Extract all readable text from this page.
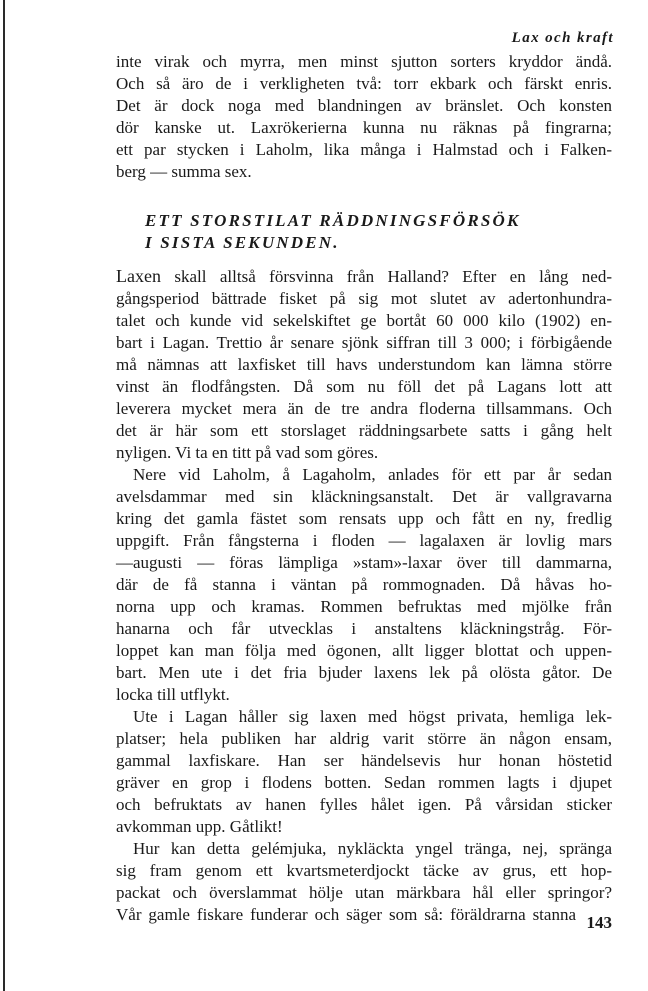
Lax och kraft
inte virak och myrra, men minst sjutton sorters kryddor ändå.
Och så äro de i verkligheten två: torr ekbark och färskt enris.
Det är dock noga med blandningen av bränslet. Och konsten
dör kanske ut. Laxrökerierna kunna nu räknas på fingrarna;
ett par stycken i Laholm, lika många i Halmstad och i Falken-
berg — summa sex.
ETT STORSTILAT RÄDDNINGSFÖRSÖK
I SISTA SEKUNDEN.
Laxen skall alltså försvinna från Halland? Efter en lång ned-
gångsperiod bättrade fisket på sig mot slutet av adertonhundra-
talet och kunde vid sekelskiftet ge bortåt 60 000 kilo (1902) en-
bart i Lagan. Trettio år senare sjönk siffran till 3 000; i förbigående
må nämnas att laxfisket till havs understundom kan lämna större
vinst än flodfångsten. Då som nu föll det på Lagans lott att
leverera mycket mera än de tre andra floderna tillsammans. Och
det är här som ett storslaget räddningsarbete satts i gång helt
nyligen. Vi ta en titt på vad som göres.
Nere vid Laholm, å Lagaholm, anlades för ett par år sedan
avelsdammar med sin kläckningsanstalt. Det är vallgravarna
kring det gamla fästet som rensats upp och fått en ny, fredlig
uppgift. Från fångsterna i floden — lagalaxen är lovlig mars
—augusti — föras lämpliga »stam»-laxar över till dammarna,
där de få stanna i väntan på rommognaden. Då håvas ho-
norna upp och kramas. Rommen befruktas med mjölke från
hanarna och får utvecklas i anstaltens kläckningstråg. För-
loppet kan man följa med ögonen, allt ligger blottat och uppen-
bart. Men ute i det fria bjuder laxens lek på olösta gåtor. De
locka till utflykt.
Ute i Lagan håller sig laxen med högst privata, hemliga lek-
platser; hela publiken har aldrig varit större än någon ensam,
gammal laxfiskare. Han ser händelsevis hur honan höstetid
gräver en grop i flodens botten. Sedan rommen lagts i djupet
och befruktats av hanen fylles hålet igen. På vårsidan sticker
avkomman upp. Gåtlikt!
Hur kan detta gelémjuka, nykläckta yngel tränga, nej, spränga
sig fram genom ett kvartsmeterdjockt täcke av grus, ett hop-
packat och överslammat hölje utan märkbara hål eller springor?
Vår gamle fiskare funderar och säger som så: föräldrarna stanna 143
